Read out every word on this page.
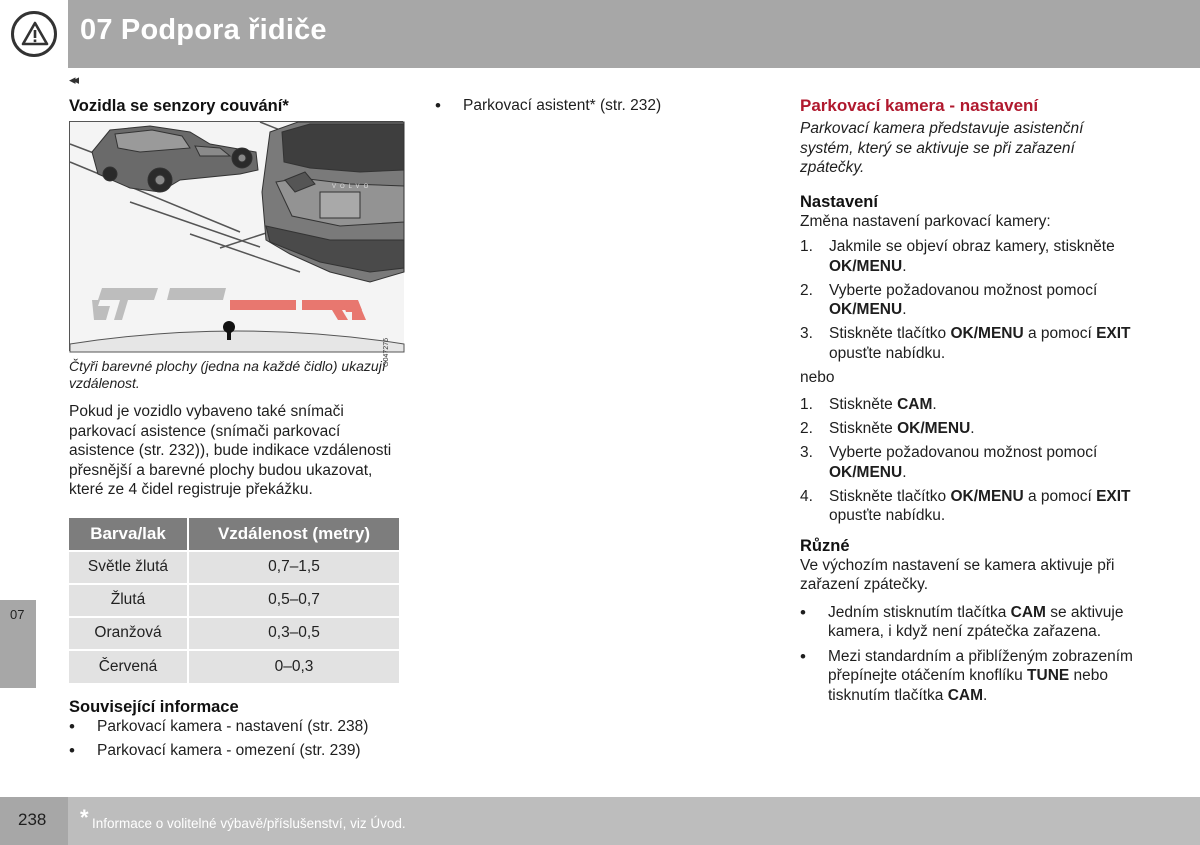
07 Podpora řidiče
◂◂
Vozidla se senzory couvání*
VOLVO
G047276
Čtyři barevné plochy (jedna na každé čidlo) ukazují vzdálenost.
Pokud je vozidlo vybaveno také snímači parkovací asistence (snímači parkovací asistence (str. 232)), bude indikace vzdálenosti přesnější a barevné plochy budou ukazovat, které ze 4 čidel registruje překážku.
Barva/lak	Vzdálenost (metry)
Světle žlutá	0,7–1,5
Žlutá	0,5–0,7
Oranžová	0,3–0,5
Červená	0–0,3
Související informace
• Parkovací kamera - nastavení (str. 238)
• Parkovací kamera - omezení (str. 239)
• Parkovací asistent* (str. 232)	Parkovací kamera - nastavení
Parkovací kamera představuje asistenční systém, který se aktivuje se při zařazení zpátečky.
Nastavení
Změna nastavení parkovací kamery:
1. Jakmile se objeví obraz kamery, stiskněte OK/MENU.
2. Vyberte požadovanou možnost pomocí OK/MENU.
3. Stiskněte tlačítko OK/MENU a pomocí EXIT opusťte nabídku.
nebo
1. Stiskněte CAM.
2. Stiskněte OK/MENU.
3. Vyberte požadovanou možnost pomocí OK/MENU.
4. Stiskněte tlačítko OK/MENU a pomocí EXIT opusťte nabídku.
Různé
Ve výchozím nastavení se kamera aktivuje při zařazení zpátečky.
• Jedním stisknutím tlačítka CAM se aktivuje kamera, i když není zpátečka zařazena.
• Mezi standardním a přiblíženým zobrazením přepínejte otáčením knoflíku TUNE nebo tisknutím tlačítka CAM.
07
238 * Informace o volitelné výbavě/příslušenství, viz Úvod.
